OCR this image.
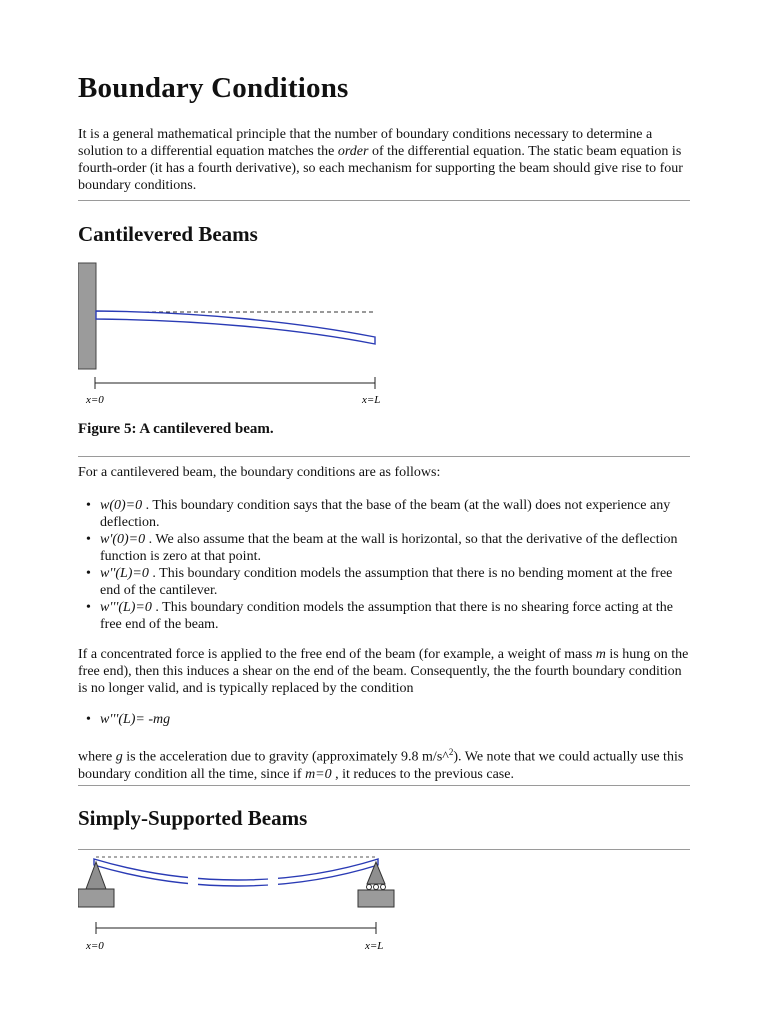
Boundary Conditions

It is a general mathematical principle that the number of boundary conditions necessary to determine a solution to a differential equation matches the order of the differential equation. The static beam equation is fourth-order (it has a fourth derivative), so each mechanism for supporting the beam should give rise to four boundary conditions.

Cantilevered Beams
x=0	x=L
Figure 5: A cantilevered beam.

For a cantilevered beam, the boundary conditions are as follows:

• w(0)=0 . This boundary condition says that the base of the beam (at the wall) does not experience any deflection.
• w'(0)=0 . We also assume that the beam at the wall is horizontal, so that the derivative of the deflection function is zero at that point.
• w''(L)=0 . This boundary condition models the assumption that there is no bending moment at the free end of the cantilever.
• w'''(L)=0 . This boundary condition models the assumption that there is no shearing force acting at the free end of the beam.

If a concentrated force is applied to the free end of the beam (for example, a weight of mass m is hung on the free end), then this induces a shear on the end of the beam. Consequently, the the fourth boundary condition is no longer valid, and is typically replaced by the condition

• w'''(L)= -mg

where g is the acceleration due to gravity (approximately 9.8 m/s^$^2$). We note that we could actually use this boundary condition all the time, since if m=0 , it reduces to the previous case.

Simply-Supported Beams
x=0	x=L
